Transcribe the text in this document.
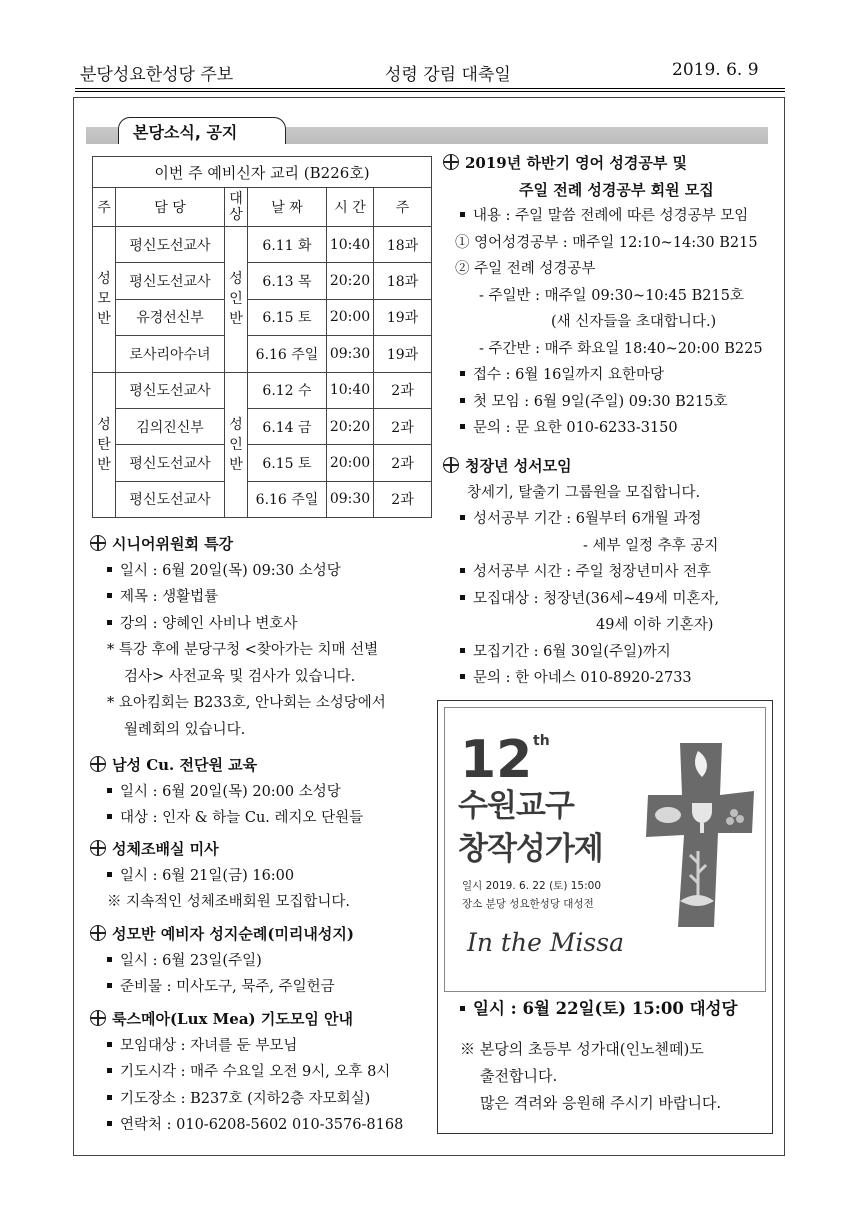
분당성요한성당 주보	성령 강림 대축일	2019. 6. 9
본당소식, 공지
이번 주 예비신자 교리 (B226호)					
주	담 당	대상	날 짜	시 간	주

성모반	평신도선교사	성인반	6.11 화	10:40	18과
	평신도선교사		6.13 목	20:20	18과
	유경선신부		6.15 토	20:00	19과
	로사리아수녀		6.16 주일	09:30	19과

성탄반	평신도선교사	성인반	6.12 수	10:40	2과
	김의진신부		6.14 금	20:20	2과
	평신도선교사		6.15 토	20:00	2과
	평신도선교사		6.16 주일	09:30	2과
시니어위원회 특강
일시 : 6월 20일(목) 09:30 소성당
제목 : 생활법률
강의 : 양혜인 사비나 변호사
* 특강 후에 분당구청 <찾아가는 치매 선별
검사> 사전교육 및 검사가 있습니다.
* 요아킴회는 B233호, 안나회는 소성당에서
월례회의 있습니다.
남성 Cu. 전단원 교육
일시 : 6월 20일(목) 20:00 소성당
대상 : 인자 & 하늘 Cu. 레지오 단원들
성체조배실 미사
일시 : 6월 21일(금) 16:00
※ 지속적인 성체조배회원 모집합니다.
성모반 예비자 성지순례(미리내성지)
일시 : 6월 23일(주일)
준비물 : 미사도구, 묵주, 주일헌금
룩스메아(Lux Mea) 기도모임 안내
모임대상 : 자녀를 둔 부모님
기도시각 : 매주 수요일 오전 9시, 오후 8시
기도장소 : B237호 (지하2층 자모회실)
연락처 : 010-6208-5602 010-3576-8168
2019년 하반기 영어 성경공부 및
주일 전례 성경공부 회원 모집
내용 : 주일 말씀 전례에 따른 성경공부 모임
① 영어성경공부 : 매주일 12:10~14:30 B215
② 주일 전례 성경공부
- 주일반 : 매주일 09:30~10:45 B215호
(새 신자들을 초대합니다.)
- 주간반 : 매주 화요일 18:40~20:00 B225
접수 : 6월 16일까지 요한마당
첫 모임 : 6월 9일(주일) 09:30 B215호
문의 : 문 요한 010-6233-3150
청장년 성서모임
창세기, 탈출기 그룹원을 모집합니다.
성서공부 기간 : 6월부터 6개월 과정
- 세부 일정 추후 공지
성서공부 시간 : 주일 청장년미사 전후
모집대상 : 청장년(36세~49세 미혼자,
49세 이하 기혼자)
모집기간 : 6월 30일(주일)까지
문의 : 한 아네스 010-8920-2733
12 th
수원교구
창작성가제
일시 2019. 6. 22 (토) 15:00
장소 분당 성요한성당 대성전
In the Missa
일시 : 6월 22일(토) 15:00 대성당
※ 본당의 초등부 성가대(인노첸떼)도
출전합니다.
많은 격려와 응원해 주시기 바랍니다.
